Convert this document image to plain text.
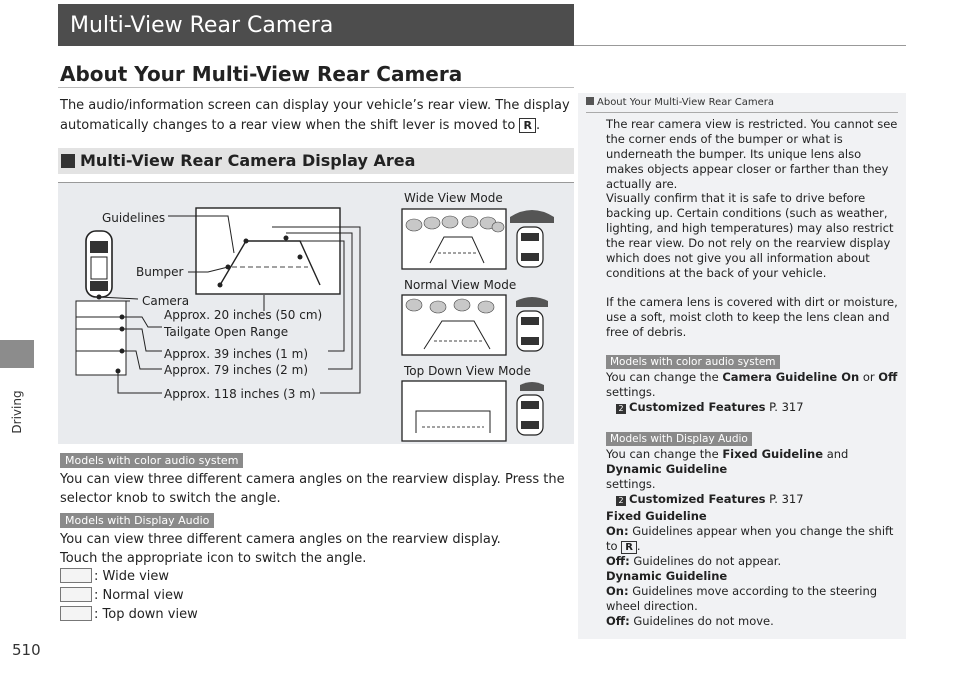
Driving
510
Multi-View Rear Camera
About Your Multi-View Rear Camera
The audio/information screen can display your vehicle’s rear view. The display automatically changes to a rear view when the shift lever is moved to R .
Multi-View Rear Camera Display Area
Guidelines
Bumper
Camera
Approx. 20 inches (50 cm)
Tailgate Open Range
Approx. 39 inches (1 m)
Approx. 79 inches (2 m)
Approx. 118 inches (3 m)
Wide View Mode
Normal View Mode
Top Down View Mode
Models with color audio system
You can view three different camera angles on the rearview display. Press the selector knob to switch the angle.
Models with Display Audio
You can view three different camera angles on the rearview display.
Touch the appropriate icon to switch the angle.
: Wide view
: Normal view
: Top down view
About Your Multi-View Rear Camera
The rear camera view is restricted. You cannot see the corner ends of the bumper or what is underneath the bumper. Its unique lens also makes objects appear closer or farther than they actually are.
Visually confirm that it is safe to drive before backing up. Certain conditions (such as weather, lighting, and high temperatures) may also restrict the rear view. Do not rely on the rearview display which does not give you all information about conditions at the back of your vehicle.
If the camera lens is covered with dirt or moisture, use a soft, moist cloth to keep the lens clean and free of debris.
Models with color audio system
You can change the Camera Guideline On or Off
settings.
2 Customized Features P. 317
Models with Display Audio
You can change the Fixed Guideline and Dynamic Guideline
settings.
2 Customized Features P. 317
Fixed Guideline
On: Guidelines appear when you change the shift to R .
Off: Guidelines do not appear.
Dynamic Guideline
On: Guidelines move according to the steering wheel direction.
Off: Guidelines do not move.
